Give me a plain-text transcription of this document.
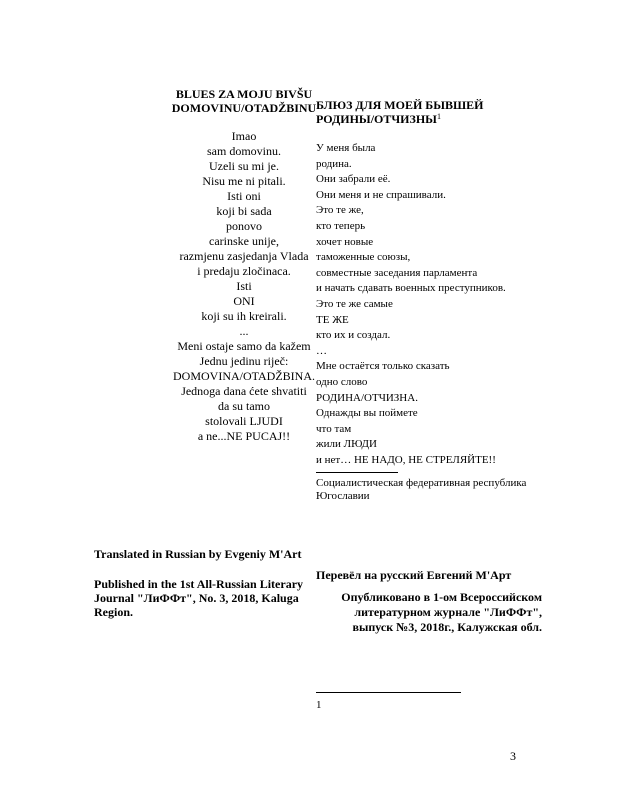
BLUES ZA MOJU BIVŠU
DOMOVINU/OTADŽBINU
Imao
sam domovinu.
Uzeli su mi je.
Nisu me ni pitali.
Isti oni
koji bi sada
ponovo
carinske unije,
razmjenu zasjedanja Vlada
i predaju zločinaca.
Isti
ONI
koji su ih kreirali.
...
Meni ostaje samo da kažem
Jednu jedinu riječ:
DOMOVINA/OTADŽBINA.
Jednoga dana ćete shvatiti
da su tamo
stolovali LJUDI
a ne...NE PUCAJ!!
БЛЮЗ ДЛЯ МОЕЙ БЫВШЕЙ
РОДИНЫ/ОТЧИЗНЫ$^1$
У меня была
родина.
Они забрали её.
Они меня и не спрашивали.
Это те же,
кто теперь
хочет новые
таможенные союзы,
совместные заседания парламента
и начать сдавать военных преступников.
Это те же самые
ТЕ ЖЕ
кто их и создал.
…
Мне остаётся только сказать
одно слово
РОДИНА/ОТЧИЗНА.
Однажды вы поймете
что там
жили ЛЮДИ
и нет… НЕ НАДО, НЕ СТРЕЛЯЙТЕ!!
Социалистическая федеративная республика Югославии
Translated in Russian by Evgeniy M'Art
Published in the 1st All-Russian Literary Journal "ЛиФФт", No. 3, 2018, Kaluga Region.
Перевёл на русский Евгений М'Арт
Опубликовано в 1-ом Всероссийском литературном журнале "ЛиФФт", выпуск №3, 2018г., Калужская обл.
1
3
